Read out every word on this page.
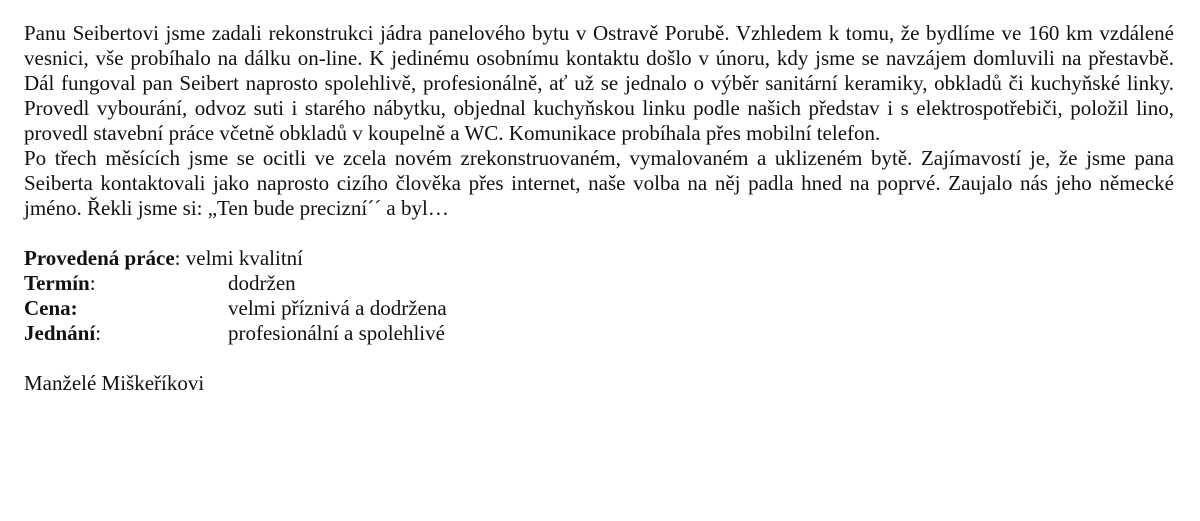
Panu Seibertovi jsme zadali rekonstrukci jádra panelového bytu v Ostravě Porubě. Vzhledem k tomu, že bydlíme ve 160 km vzdálené vesnici, vše probíhalo na dálku on-line. K jedinému osobnímu kontaktu došlo v únoru, kdy jsme se navzájem domluvili na přestavbě. Dál fungoval pan Seibert naprosto spolehlivě, profesionálně, ať už se jednalo o výběr sanitární keramiky, obkladů či kuchyňské linky. Provedl vybourání, odvoz suti i starého nábytku, objednal kuchyňskou linku podle našich představ i s elektrospotřebiči, položil lino, provedl stavební práce včetně obkladů v koupelně a WC. Komunikace probíhala přes mobilní telefon.

Po třech měsících jsme se ocitli ve zcela novém zrekonstruovaném, vymalovaném a uklizeném bytě. Zajímavostí je, že jsme pana Seiberta kontaktovali jako naprosto cizího člověka přes internet, naše volba na něj padla hned na poprvé. Zaujalo nás jeho německé jméno. Řekli jsme si: „Ten bude precizní´´ a byl…

Provedená práce: velmi kvalitní
Termín:	dodržen
Cena:	velmi příznivá a dodržena
Jednání:	profesionální a spolehlivé
Manželé Miškeříkovi
